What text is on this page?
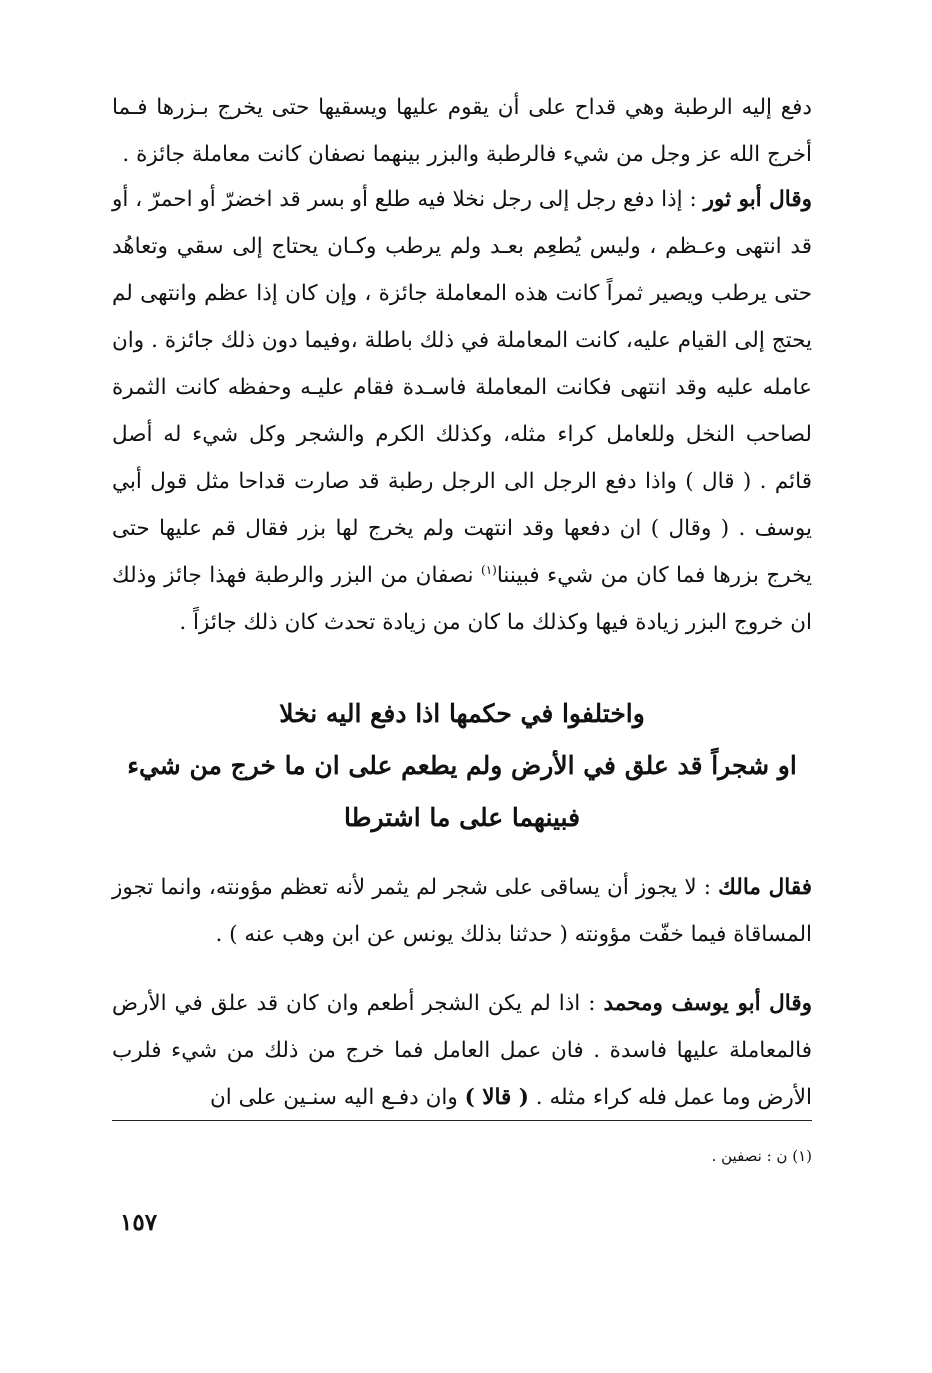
دفع إليه الرطبة وهي قداح على أن يقوم عليها ويسقيها حتى يخرج بـزرها فـما أخرج الله عز وجل من شيء فالرطبة والبزر بينهما نصفان كانت معاملة جائزة .

وقال أبو ثور : إذا دفع رجل إلى رجل نخلا فيه طلع أو بسر قد اخضرّ أو احمرّ ، أو قد انتهى وعـظم ، وليس يُطعِم بعـد ولم يرطب وكـان يحتاج إلى سقي وتعاهُد حتى يرطب ويصير ثمراً كانت هذه المعاملة جائزة ، وإن كان إذا عظم وانتهى لم يحتج إلى القيام عليه، كانت المعاملة في ذلك باطلة ،وفيما دون ذلك جائزة . وان عامله عليه وقد انتهى فكانت المعاملة فاسـدة فقام عليـه وحفظه كانت الثمرة لصاحب النخل وللعامل كراء مثله، وكذلك الكرم والشجر وكل شيء له أصل قائم . ( قال ) واذا دفع الرجل الى الرجل رطبة قد صارت قداحا مثل قول أبي يوسف . ( وقال ) ان دفعها وقد انتهت ولم يخرج لها بزر فقال قم عليها حتى يخرج بزرها فما كان من شيء فبيننا$^{(١)}$ نصفان من البزر والرطبة فهذا جائز وذلك ان خروج البزر زيادة فيها وكذلك ما كان من زيادة تحدث كان ذلك جائزاً .

واختلفوا في حكمها اذا دفع اليه نخلا
او شجراً قد علق في الأرض ولم يطعم على ان ما خرج من شيء
فبينهما على ما اشترطا

فقال مالك : لا يجوز أن يساقى على شجر لم يثمر لأنه تعظم مؤونته، وانما تجوز المساقاة فيما خفّت مؤونته ( حدثنا بذلك يونس عن ابن وهب عنه ) .

وقال أبو يوسف ومحمد : اذا لم يكن الشجر أطعم وان كان قد علق في الأرض فالمعاملة عليها فاسدة . فان عمل العامل فما خرج من ذلك من شيء فلرب الأرض وما عمل فله كراء مثله . ( قالا ) وان دفـع اليه سنـين على ان

(١) ن : نصفين .
١٥٧
